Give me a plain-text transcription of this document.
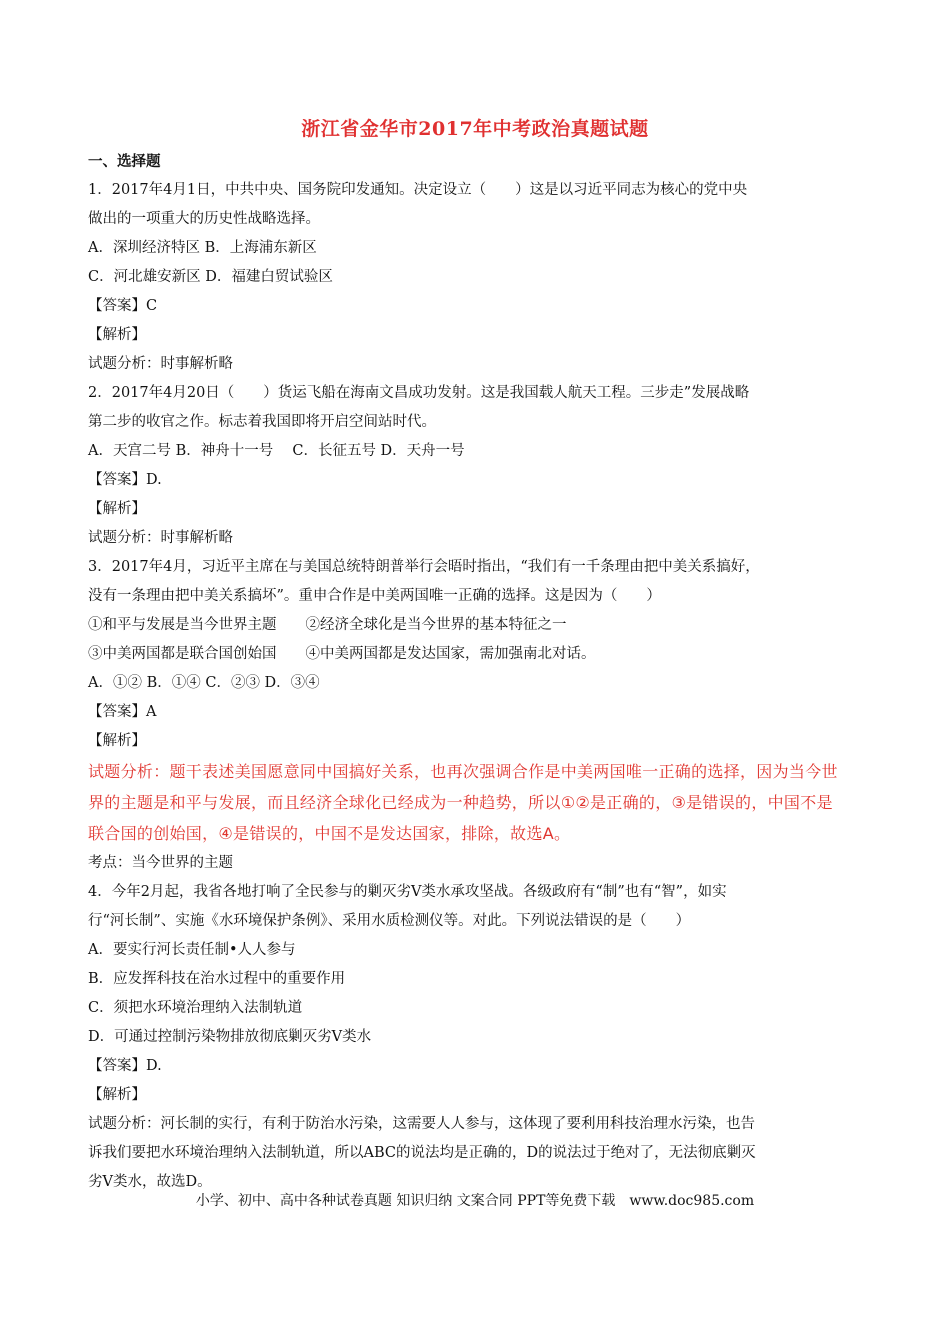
浙江省金华市2017年中考政治真题试题
一、选择题
1．2017年4月1日，中共中央、国务院印发通知。决定设立（　　）这是以习近平同志为核心的党中央
做出的一项重大的历史性战略选择。
A．深圳经济特区 B．上海浦东新区
C．河北雄安新区 D．福建白贸试验区
【答案】C
【解析】
试题分析：时事解析略
2．2017年4月20日（　　）货运飞船在海南文昌成功发射。这是我国载人航天工程。三步走”发展战略
第二步的收官之作。标志着我国即将开启空间站时代。
A．天宫二号 B．神舟十一号　 C．长征五号 D．天舟一号
【答案】D.
【解析】
试题分析：时事解析略
3．2017年4月，习近平主席在与美国总统特朗普举行会晤时指出，“我们有一千条理由把中美关系搞好，
没有一条理由把中美关系搞坏”。重申合作是中美两国唯一正确的选择。这是因为（　　）
①和平与发展是当今世界主题　　②经济全球化是当今世界的基本特征之一
③中美两国都是联合国创始国　　④中美两国都是发达国家，需加强南北对话。
A．①② B．①④ C．②③ D．③④
【答案】A
【解析】
试题分析：题干表述美国愿意同中国搞好关系，也再次强调合作是中美两国唯一正确的选择，因为当今世
界的主题是和平与发展，而且经济全球化已经成为一种趋势，所以①②是正确的，③是错误的，中国不是
联合国的创始国，④是错误的，中国不是发达国家，排除，故选A。
考点：当今世界的主题
4．今年2月起，我省各地打响了全民参与的剿灭劣Ⅴ类水承攻坚战。各级政府有“制”也有“智”，如实
行“河长制”、实施《水环境保护条例》、采用水质检测仪等。对此。下列说法错误的是（　　）
A．要实行河长责任制•人人参与
B．应发挥科技在治水过程中的重要作用
C．须把水环境治理纳入法制轨道
D．可通过控制污染物排放彻底剿灭劣Ⅴ类水
【答案】D.
【解析】
试题分析：河长制的实行，有利于防治水污染，这需要人人参与，这体现了要利用科技治理水污染，也告
诉我们要把水环境治理纳入法制轨道，所以ABC的说法均是正确的，D的说法过于绝对了，无法彻底剿灭
劣Ⅴ类水，故选D。
小学、初中、高中各种试卷真题 知识归纳 文案合同 PPT等免费下载　www.doc985.com
